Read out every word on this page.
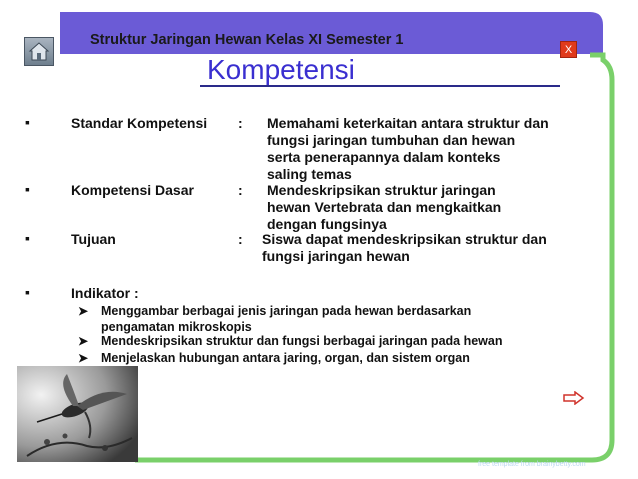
Struktur Jaringan Hewan Kelas XI Semester 1
X
Kompetensi
▪	Standar Kompetensi : Memahami keterkaitan antara struktur dan
fungsi jaringan tumbuhan dan hewan
serta penerapannya dalam konteks
saling temas
▪	Kompetensi Dasar	: Mendeskripsikan struktur jaringan
hewan Vertebrata dan mengkaitkan
dengan fungsinya
▪	Tujuan	: Siswa dapat mendeskripsikan struktur dan
fungsi jaringan hewan
▪	Indikator :
➤ Menggambar berbagai jenis jaringan pada hewan berdasarkan
pengamatan mikroskopis
➤ Mendeskripsikan struktur dan fungsi berbagai jaringan pada hewan
➤ Menjelaskan hubungan antara jaring, organ, dan sistem organ
free template from brainybetty.com
